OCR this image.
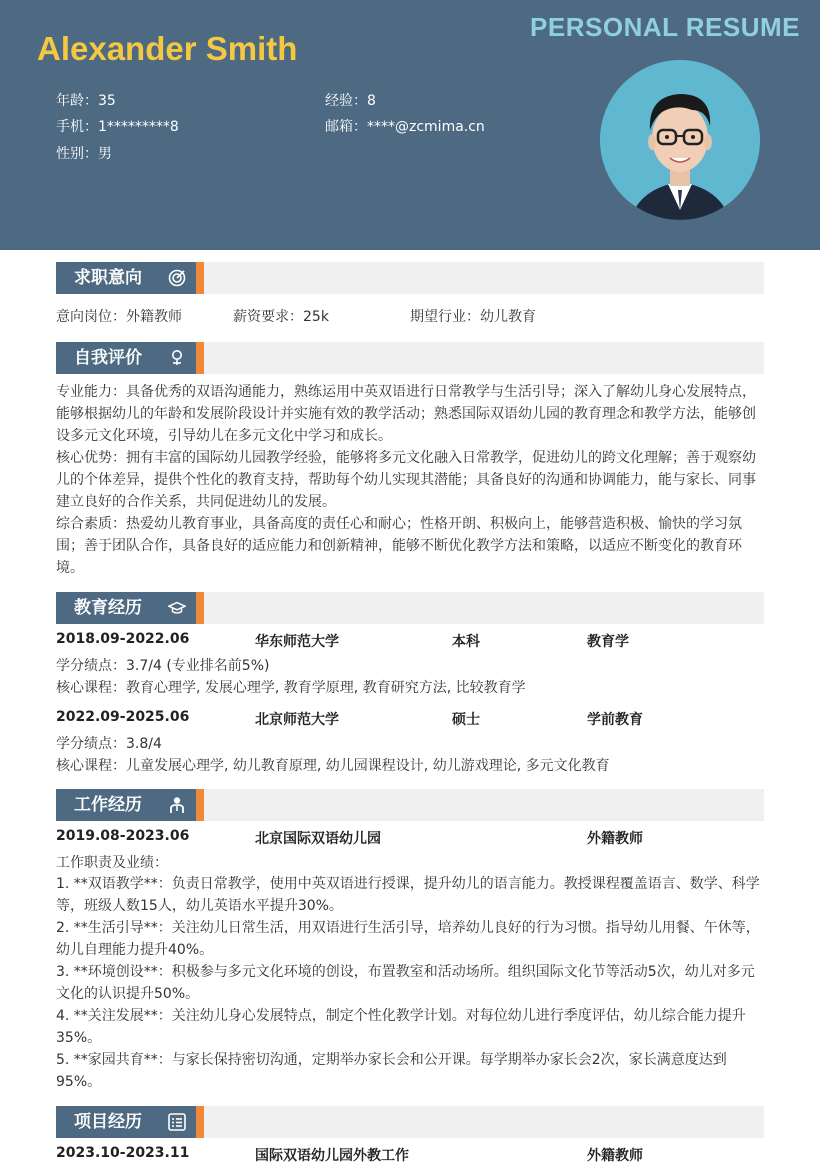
PERSONAL RESUME
Alexander Smith
年龄：35	经验：8
手机：1*********8	邮箱：****@zcmima.cn
性别：男
求职意向
意向岗位：外籍教师	薪资要求：25k	期望行业：幼儿教育
自我评价
专业能力：具备优秀的双语沟通能力，熟练运用中英双语进行日常教学与生活引导；深入了解幼儿身心发展特点，能够根据幼儿的年龄和发展阶段设计并实施有效的教学活动；熟悉国际双语幼儿园的教育理念和教学方法，能够创设多元文化环境，引导幼儿在多元文化中学习和成长。
核心优势：拥有丰富的国际幼儿园教学经验，能够将多元文化融入日常教学，促进幼儿的跨文化理解；善于观察幼儿的个体差异，提供个性化的教育支持，帮助每个幼儿实现其潜能；具备良好的沟通和协调能力，能与家长、同事建立良好的合作关系，共同促进幼儿的发展。
综合素质：热爱幼儿教育事业，具备高度的责任心和耐心；性格开朗、积极向上，能够营造积极、愉快的学习氛围；善于团队合作，具备良好的适应能力和创新精神，能够不断优化教学方法和策略，以适应不断变化的教育环境。
教育经历
2018.09-2022.06	华东师范大学	本科	教育学
学分绩点：3.7/4 (专业排名前5%)
核心课程：教育心理学, 发展心理学, 教育学原理, 教育研究方法, 比较教育学
2022.09-2025.06	北京师范大学	硕士	学前教育
学分绩点：3.8/4
核心课程：儿童发展心理学, 幼儿教育原理, 幼儿园课程设计, 幼儿游戏理论, 多元文化教育
工作经历
2019.08-2023.06	北京国际双语幼儿园	外籍教师
工作职责及业绩：
1. **双语教学**：负责日常教学，使用中英双语进行授课，提升幼儿的语言能力。教授课程覆盖语言、数学、科学等，班级人数15人，幼儿英语水平提升30%。
2. **生活引导**：关注幼儿日常生活，用双语进行生活引导，培养幼儿良好的行为习惯。指导幼儿用餐、午休等，幼儿自理能力提升40%。
3. **环境创设**：积极参与多元文化环境的创设，布置教室和活动场所。组织国际文化节等活动5次，幼儿对多元文化的认识提升50%。
4. **关注发展**：关注幼儿身心发展特点，制定个性化教学计划。对每位幼儿进行季度评估，幼儿综合能力提升35%。
5. **家园共育**：与家长保持密切沟通，定期举办家长会和公开课。每学期举办家长会2次，家长满意度达到95%。
项目经历
2023.10-2023.11	国际双语幼儿园外教工作	外籍教师
